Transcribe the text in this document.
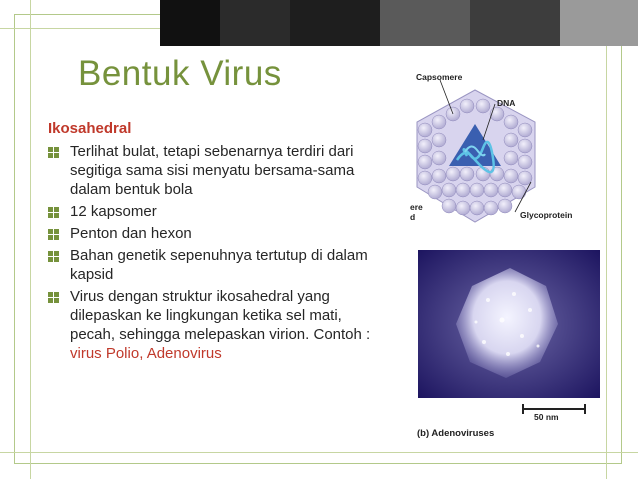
Bentuk Virus
Ikosahedral
Terlihat bulat, tetapi sebenarnya terdiri dari segitiga sama sisi menyatu bersama-sama dalam bentuk bola
12 kapsomer
Penton dan hexon
Bahan genetik sepenuhnya tertutup di dalam kapsid
Virus dengan struktur ikosahedral yang dilepaskan ke lingkungan ketika sel mati, pecah, sehingga melepaskan virion. Contoh : virus Polio, Adenovirus
Capsomere
DNA
ere
d	Glycoprotein
50 nm
(b) Adenoviruses
